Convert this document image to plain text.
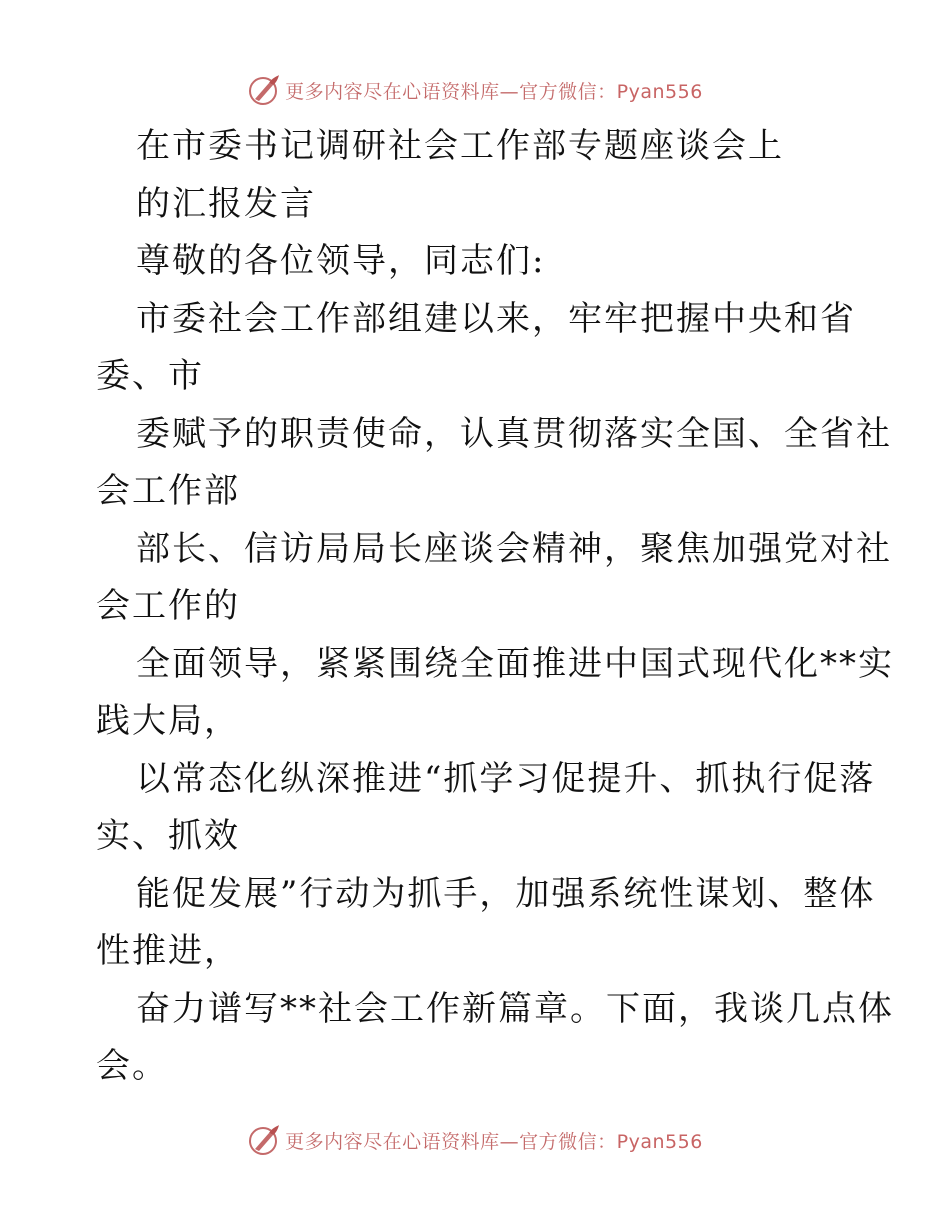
更多内容尽在心语资料库—官方微信：Pyan556
在市委书记调研社会工作部专题座谈会上
的汇报发言
尊敬的各位领导，同志们:
市委社会工作部组建以来，牢牢把握中央和省
委、市
委赋予的职责使命，认真贯彻落实全国、全省社
会工作部
部长、信访局局长座谈会精神，聚焦加强党对社
会工作的
全面领导，紧紧围绕全面推进中国式现代化**实
践大局，
以常态化纵深推进“抓学习促提升、抓执行促落
实、抓效
能促发展”行动为抓手，加强系统性谋划、整体
性推进，
奋力谱写**社会工作新篇章。下面，我谈几点体
会。
更多内容尽在心语资料库—官方微信：Pyan556
